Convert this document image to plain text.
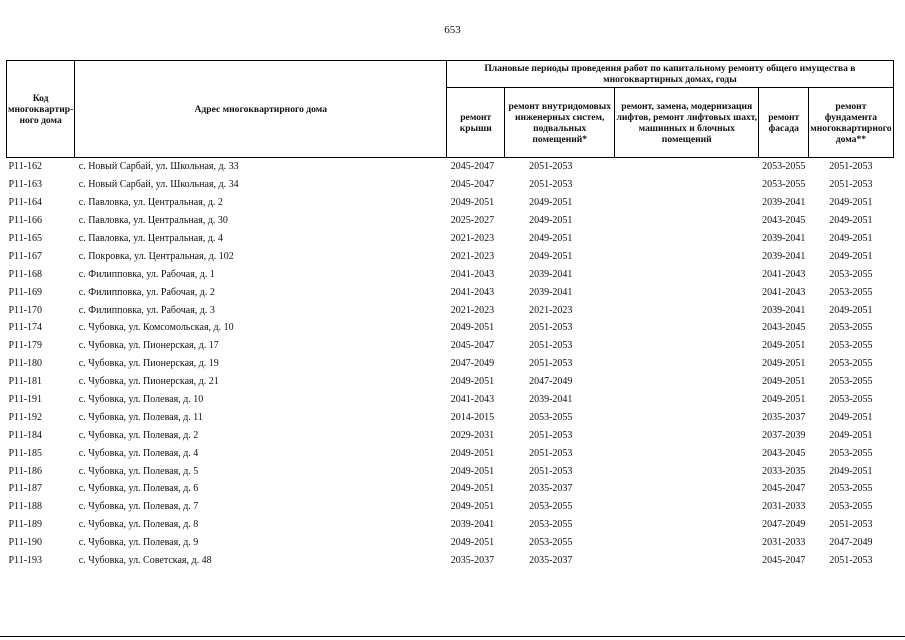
653
Код многоквартир-ного дома	Адрес многоквартирного дома	Плановые периоды проведения работ по капитальному ремонту общего имущества в многоквартирных домах, годы				
		ремонт крыши	ремонт внутридомовых инженерных систем, подвальных помещений*	ремонт, замена, модернизация лифтов, ремонт лифтовых шахт, машинных и блочных помещений	ремонт фасада	ремонт фундамента многоквартирного дома**
P11-162	с. Новый Сарбай, ул. Школьная, д. 33	2045-2047	2051-2053		2053-2055	2051-2053
P11-163	с. Новый Сарбай, ул. Школьная, д. 34	2045-2047	2051-2053		2053-2055	2051-2053
P11-164	с. Павловка, ул. Центральная, д. 2	2049-2051	2049-2051		2039-2041	2049-2051
P11-166	с. Павловка, ул. Центральная, д. 30	2025-2027	2049-2051		2043-2045	2049-2051
P11-165	с. Павловка, ул. Центральная, д. 4	2021-2023	2049-2051		2039-2041	2049-2051
P11-167	с. Покровка, ул. Центральная, д. 102	2021-2023	2049-2051		2039-2041	2049-2051
P11-168	с. Филипповка, ул. Рабочая, д. 1	2041-2043	2039-2041		2041-2043	2053-2055
P11-169	с. Филипповка, ул. Рабочая, д. 2	2041-2043	2039-2041		2041-2043	2053-2055
P11-170	с. Филипповка, ул. Рабочая, д. 3	2021-2023	2021-2023		2039-2041	2049-2051
P11-174	с. Чубовка, ул. Комсомольская, д. 10	2049-2051	2051-2053		2043-2045	2053-2055
P11-179	с. Чубовка, ул. Пионерская, д. 17	2045-2047	2051-2053		2049-2051	2053-2055
P11-180	с. Чубовка, ул. Пионерская, д. 19	2047-2049	2051-2053		2049-2051	2053-2055
P11-181	с. Чубовка, ул. Пионерская, д. 21	2049-2051	2047-2049		2049-2051	2053-2055
P11-191	с. Чубовка, ул. Полевая, д. 10	2041-2043	2039-2041		2049-2051	2053-2055
P11-192	с. Чубовка, ул. Полевая, д. 11	2014-2015	2053-2055		2035-2037	2049-2051
P11-184	с. Чубовка, ул. Полевая, д. 2	2029-2031	2051-2053		2037-2039	2049-2051
P11-185	с. Чубовка, ул. Полевая, д. 4	2049-2051	2051-2053		2043-2045	2053-2055
P11-186	с. Чубовка, ул. Полевая, д. 5	2049-2051	2051-2053		2033-2035	2049-2051
P11-187	с. Чубовка, ул. Полевая, д. 6	2049-2051	2035-2037		2045-2047	2053-2055
P11-188	с. Чубовка, ул. Полевая, д. 7	2049-2051	2053-2055		2031-2033	2053-2055
P11-189	с. Чубовка, ул. Полевая, д. 8	2039-2041	2053-2055		2047-2049	2051-2053
P11-190	с. Чубовка, ул. Полевая, д. 9	2049-2051	2053-2055		2031-2033	2047-2049
P11-193	с. Чубовка, ул. Советская, д. 48	2035-2037	2035-2037		2045-2047	2051-2053
